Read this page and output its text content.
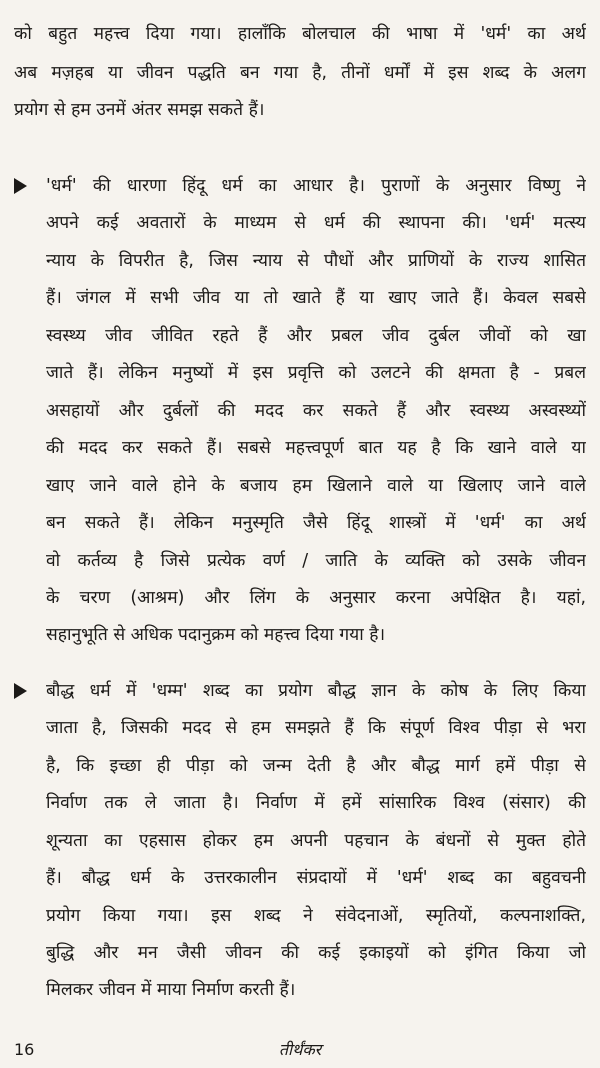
को बहुत महत्त्व दिया गया। हालाँकि बोलचाल की भाषा में 'धर्म' का अर्थ
अब मज़हब या जीवन पद्धति बन गया है, तीनों धर्मों में इस शब्द के अलग
प्रयोग से हम उनमें अंतर समझ सकते हैं।
'धर्म' की धारणा हिंदू धर्म का आधार है। पुराणों के अनुसार विष्णु ने
अपने कई अवतारों के माध्यम से धर्म की स्थापना की। 'धर्म' मत्स्य
न्याय के विपरीत है, जिस न्याय से पौधों और प्राणियों के राज्य शासित
हैं। जंगल में सभी जीव या तो खाते हैं या खाए जाते हैं। केवल सबसे
स्वस्थ्य जीव जीवित रहते हैं और प्रबल जीव दुर्बल जीवों को खा
जाते हैं। लेकिन मनुष्यों में इस प्रवृत्ति को उलटने की क्षमता है - प्रबल
असहायों और दुर्बलों की मदद कर सकते हैं और स्वस्थ्य अस्वस्थ्यों
की मदद कर सकते हैं। सबसे महत्त्वपूर्ण बात यह है कि खाने वाले या
खाए जाने वाले होने के बजाय हम खिलाने वाले या खिलाए जाने वाले
बन सकते हैं। लेकिन मनुस्मृति जैसे हिंदू शास्त्रों में 'धर्म' का अर्थ
वो कर्तव्य है जिसे प्रत्येक वर्ण / जाति के व्यक्ति को उसके जीवन
के चरण (आश्रम) और लिंग के अनुसार करना अपेक्षित है। यहां,
सहानुभूति से अधिक पदानुक्रम को महत्त्व दिया गया है।
बौद्ध धर्म में 'धम्म' शब्द का प्रयोग बौद्ध ज्ञान के कोष के लिए किया
जाता है, जिसकी मदद से हम समझते हैं कि संपूर्ण विश्व पीड़ा से भरा
है, कि इच्छा ही पीड़ा को जन्म देती है और बौद्ध मार्ग हमें पीड़ा से
निर्वाण तक ले जाता है। निर्वाण में हमें सांसारिक विश्व (संसार) की
शून्यता का एहसास होकर हम अपनी पहचान के बंधनों से मुक्त होते
हैं। बौद्ध धर्म के उत्तरकालीन संप्रदायों में 'धर्म' शब्द का बहुवचनी
प्रयोग किया गया। इस शब्द ने संवेदनाओं, स्मृतियों, कल्पनाशक्ति,
बुद्धि और मन जैसी जीवन की कई इकाइयों को इंगित किया जो
मिलकर जीवन में माया निर्माण करती हैं।
16	तीर्थंकर
